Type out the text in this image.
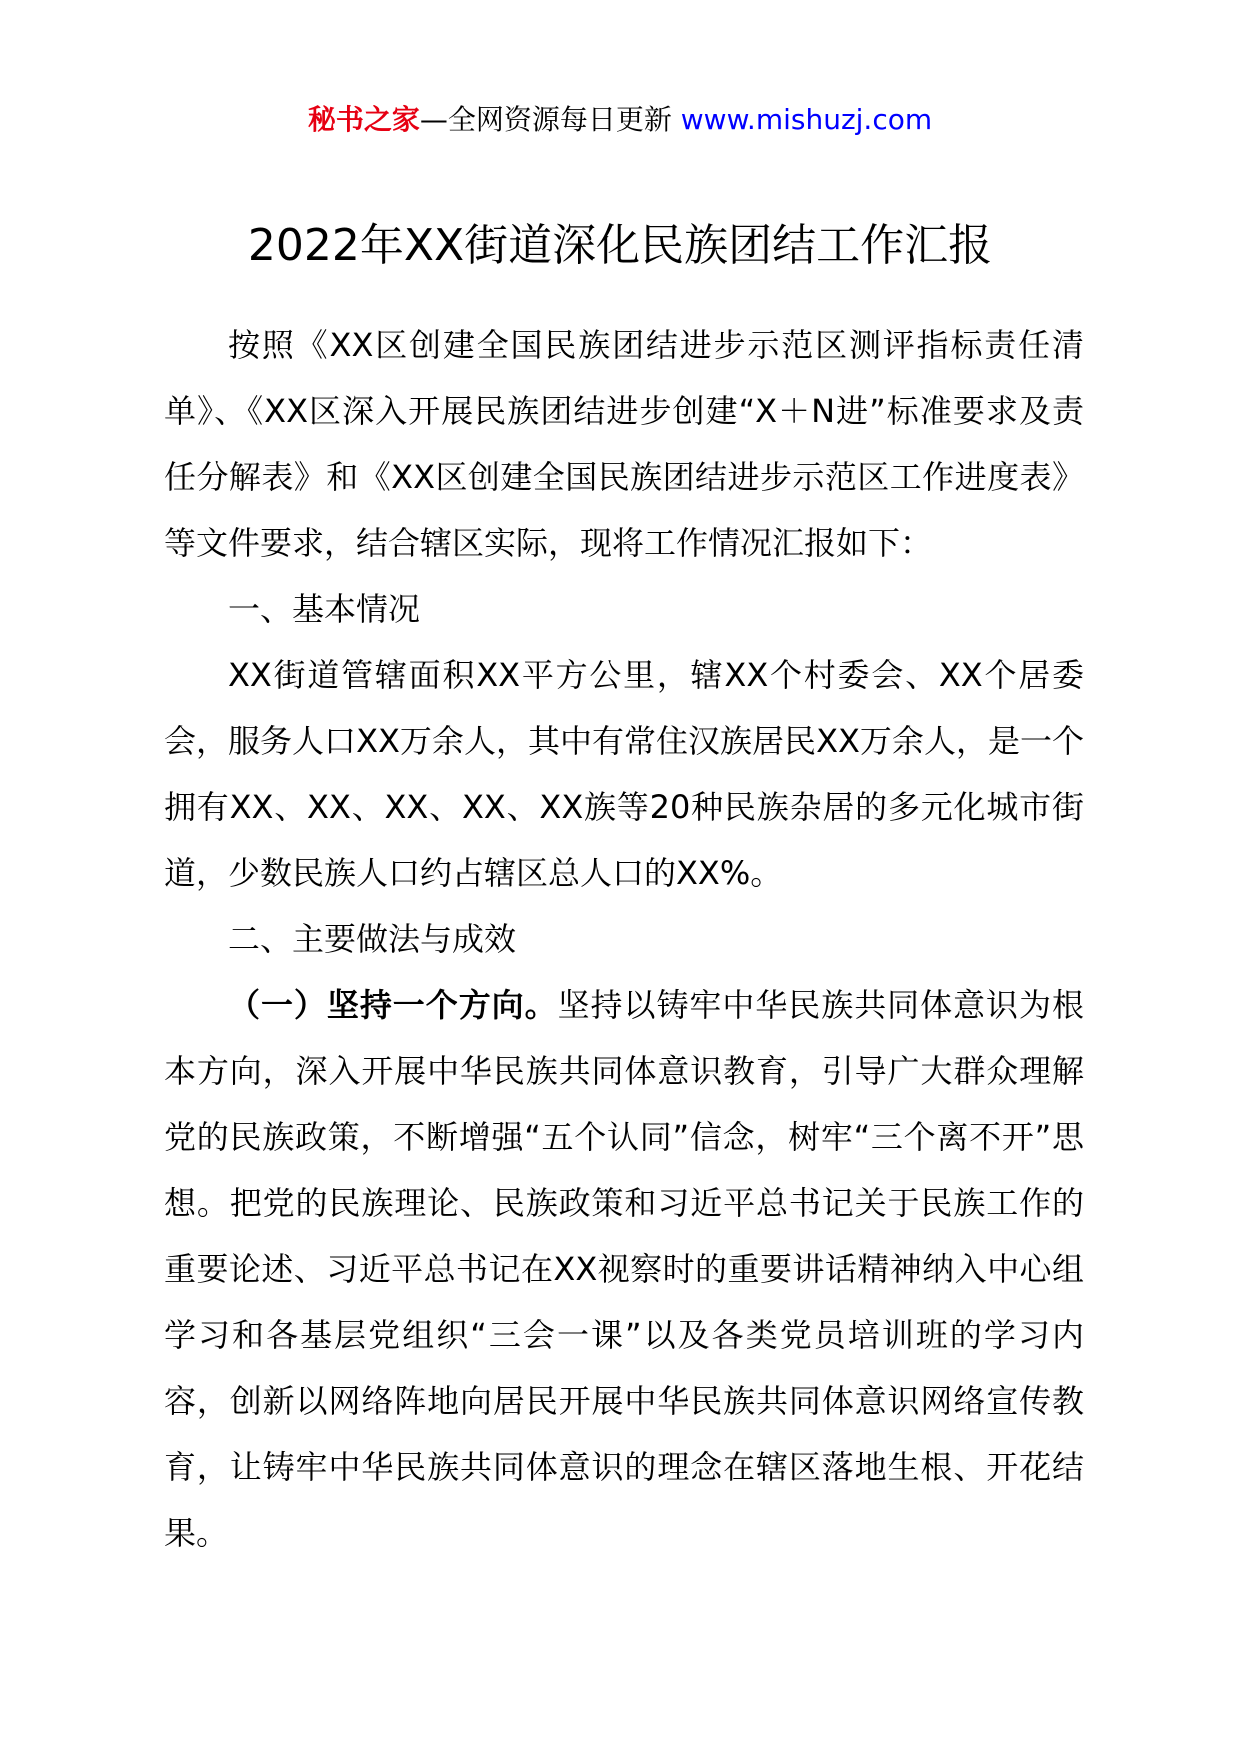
秘书之家—全网资源每日更新 www.mishuzj.com
2022年XX街道深化民族团结工作汇报

按照《XX区创建全国民族团结进步示范区测评指标责任清单》、《XX区深入开展民族团结进步创建“X＋N进”标准要求及责任分解表》和《XX区创建全国民族团结进步示范区工作进度表》等文件要求，结合辖区实际，现将工作情况汇报如下：

一、基本情况

XX街道管辖面积XX平方公里，辖XX个村委会、XX个居委会，服务人口XX万余人，其中有常住汉族居民XX万余人，是一个拥有XX、XX、XX、XX、XX族等20种民族杂居的多元化城市街道，少数民族人口约占辖区总人口的XX%。

二、主要做法与成效

（一）坚持一个方向。坚持以铸牢中华民族共同体意识为根本方向，深入开展中华民族共同体意识教育，引导广大群众理解党的民族政策，不断增强“五个认同”信念，树牢“三个离不开”思想。把党的民族理论、民族政策和习近平总书记关于民族工作的重要论述、习近平总书记在XX视察时的重要讲话精神纳入中心组学习和各基层党组织“三会一课”以及各类党员培训班的学习内容，创新以网络阵地向居民开展中华民族共同体意识网络宣传教育，让铸牢中华民族共同体意识的理念在辖区落地生根、开花结果。
